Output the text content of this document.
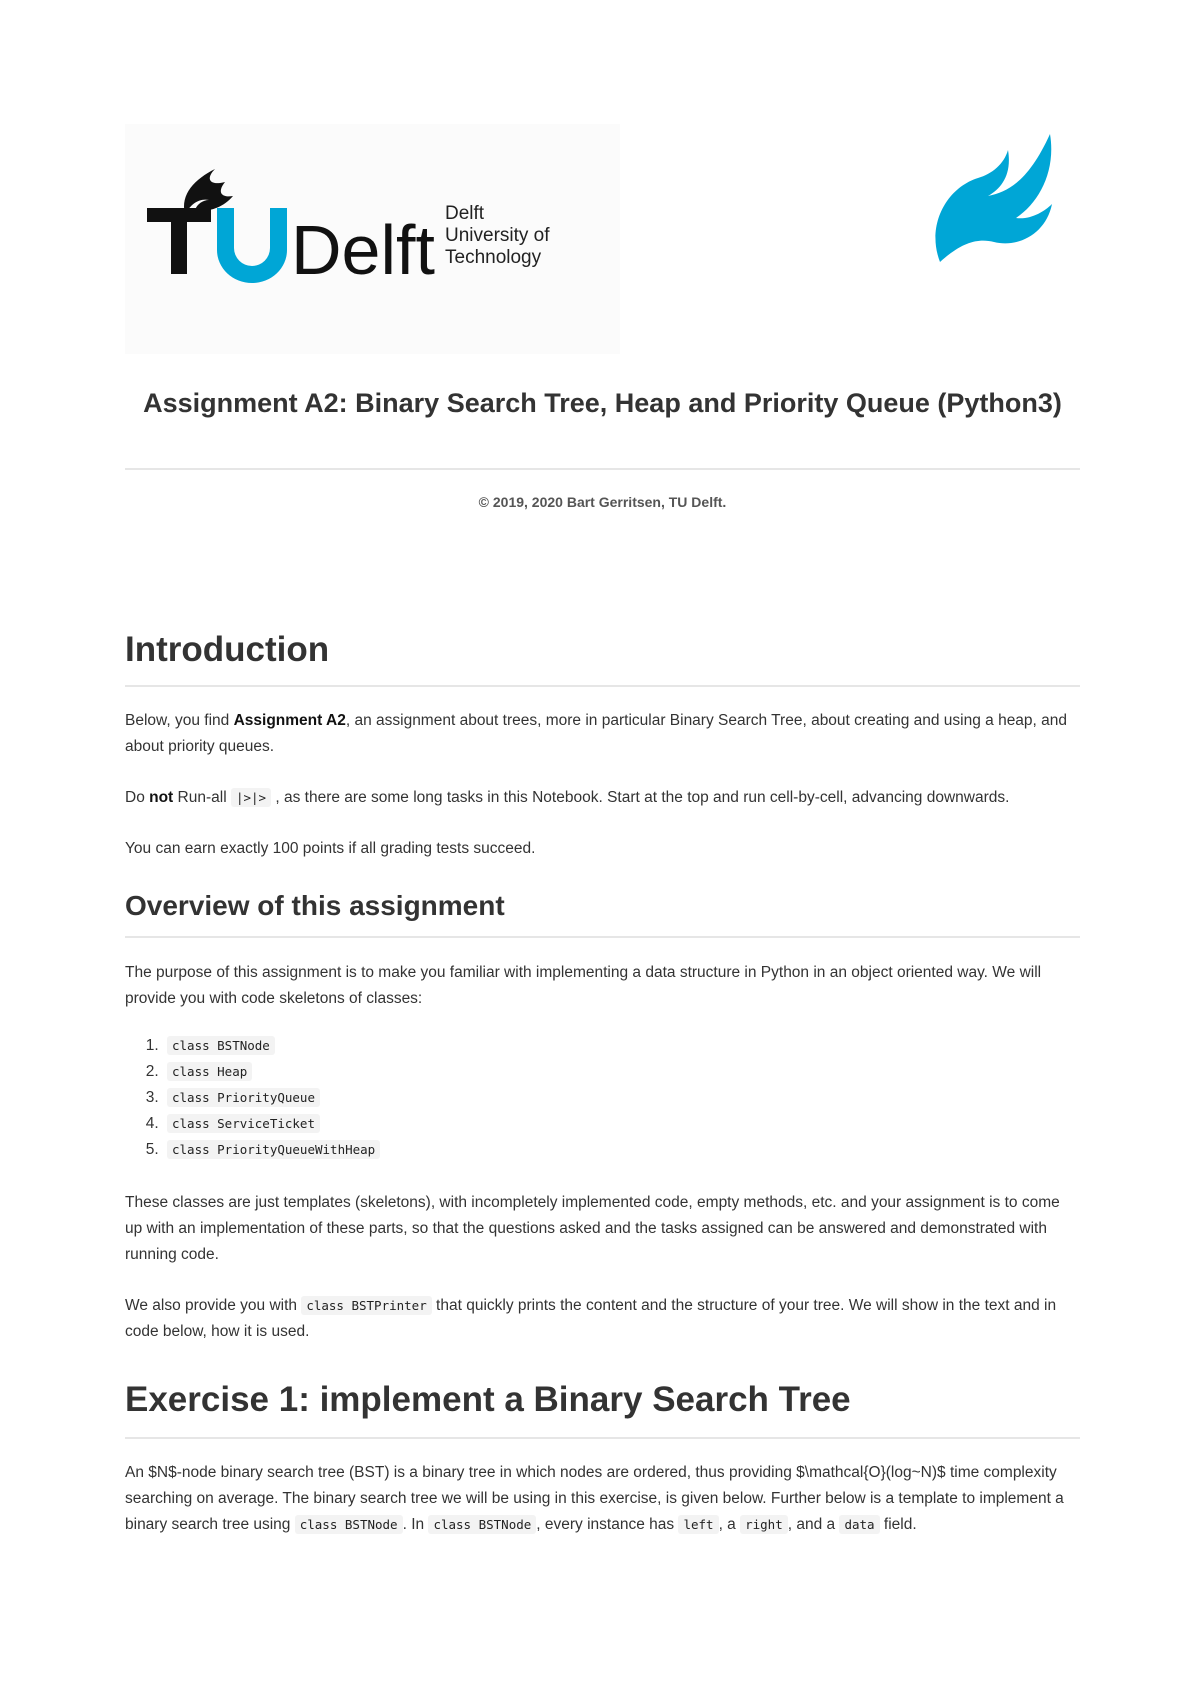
Delft Delft
University of
Technology
Assignment A2: Binary Search Tree, Heap and Priority Queue (Python3)
© 2019, 2020 Bart Gerritsen, TU Delft.
Introduction

Below, you find Assignment A2, an assignment about trees, more in particular Binary Search Tree, about creating and using a heap, and about priority queues.

Do not Run-all |>|> , as there are some long tasks in this Notebook. Start at the top and run cell-by-cell, advancing downwards.

You can earn exactly 100 points if all grading tests succeed.

Overview of this assignment

The purpose of this assignment is to make you familiar with implementing a data structure in Python in an object oriented way. We will provide you with code skeletons of classes:

1. class BSTNode
2. class Heap
3. class PriorityQueue
4. class ServiceTicket
5. class PriorityQueueWithHeap

These classes are just templates (skeletons), with incompletely implemented code, empty methods, etc. and your assignment is to come up with an implementation of these parts, so that the questions asked and the tasks assigned can be answered and demonstrated with running code.

We also provide you with class BSTPrinter that quickly prints the content and the structure of your tree. We will show in the text and in code below, how it is used.

Exercise 1: implement a Binary Search Tree

An $N$-node binary search tree (BST) is a binary tree in which nodes are ordered, thus providing $\mathcal{O}(log~N)$ time complexity searching on average. The binary search tree we will be using in this exercise, is given below. Further below is a template to implement a binary search tree using class BSTNode . In class BSTNode , every instance has left , a right , and a data field.
